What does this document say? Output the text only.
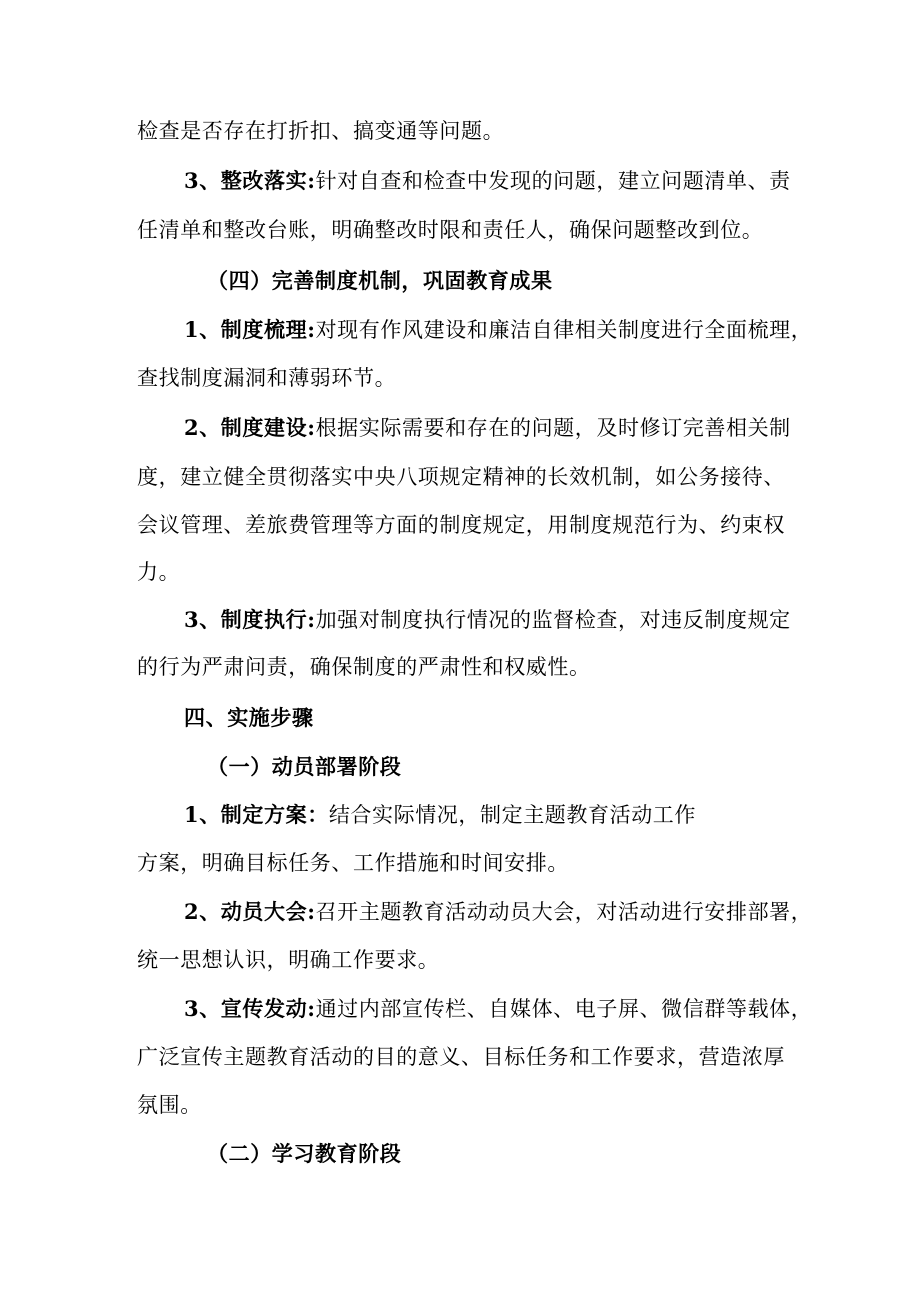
检查是否存在打折扣、搞变通等问题。
3、整改落实:针对自查和检查中发现的问题，建立问题清单、责
任清单和整改台账，明确整改时限和责任人，确保问题整改到位。
（四）完善制度机制，巩固教育成果
1、制度梳理:对现有作风建设和廉洁自律相关制度进行全面梳理，
查找制度漏洞和薄弱环节。
2、制度建设:根据实际需要和存在的问题，及时修订完善相关制
度，建立健全贯彻落实中央八项规定精神的长效机制，如公务接待、
会议管理、差旅费管理等方面的制度规定，用制度规范行为、约束权
力。
3、制度执行:加强对制度执行情况的监督检查，对违反制度规定
的行为严肃问责，确保制度的严肃性和权威性。
四、实施步骤
（一）动员部署阶段
1、制定方案：结合实际情况，制定主题教育活动工作
方案，明确目标任务、工作措施和时间安排。
2、动员大会:召开主题教育活动动员大会，对活动进行安排部署，
统一思想认识，明确工作要求。
3、宣传发动:通过内部宣传栏、自媒体、电子屏、微信群等载体，
广泛宣传主题教育活动的目的意义、目标任务和工作要求，营造浓厚
氛围。
（二）学习教育阶段
